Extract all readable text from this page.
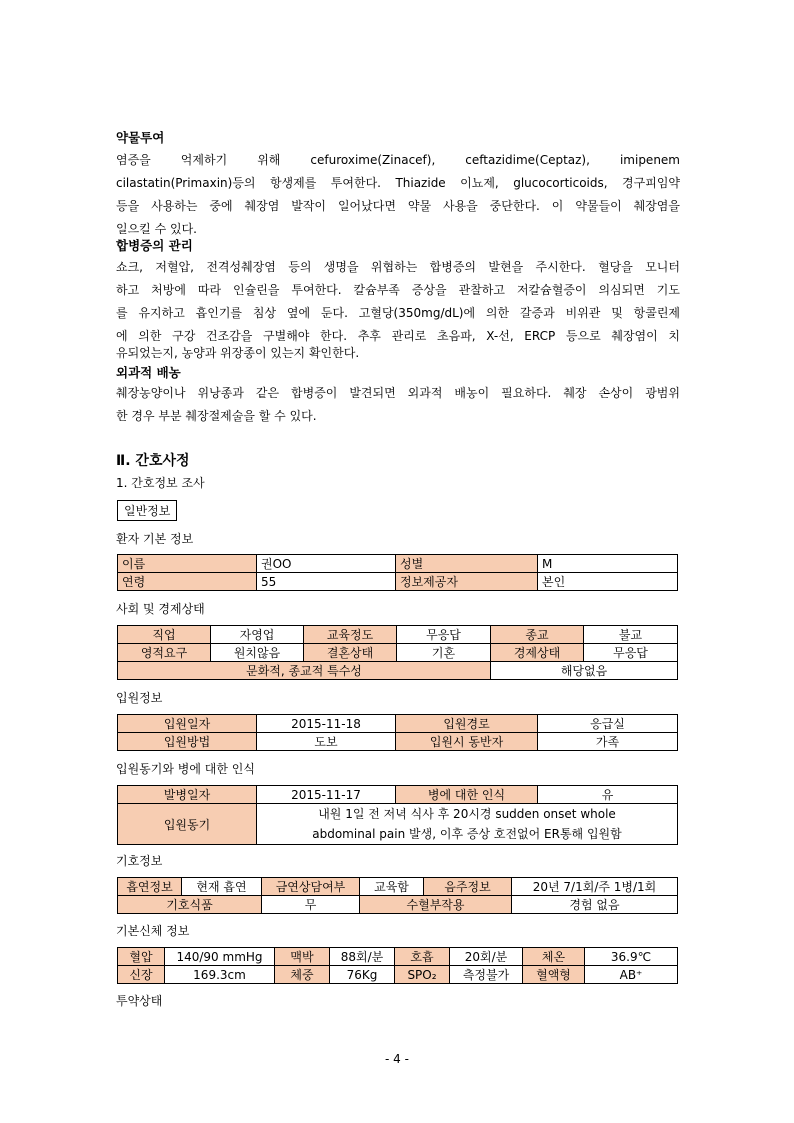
약물투여
염증을 억제하기 위해 cefuroxime(Zinacef), ceftazidime(Ceptaz), imipenem
cilastatin(Primaxin)등의 항생제를 투여한다. Thiazide 이뇨제, glucocorticoids, 경구피임약
등을 사용하는 중에 췌장염 발작이 일어났다면 약물 사용을 중단한다. 이 약물들이 췌장염을
일으킬 수 있다.
합병증의 관리
쇼크, 저혈압, 전격성췌장염 등의 생명을 위협하는 합병증의 발현을 주시한다. 혈당을 모니터
하고 처방에 따라 인슐린을 투여한다. 칼슘부족 증상을 관찰하고 저칼슘혈증이 의심되면 기도
를 유지하고 흡인기를 침상 옆에 둔다. 고혈당(350mg/dL)에 의한 갈증과 비위관 및 항콜린제
에 의한 구강 건조감을 구별해야 한다. 추후 관리로 초음파, X-선, ERCP 등으로 췌장염이 치
유되었는지, 농양과 위장종이 있는지 확인한다.
외과적 배농
췌장농양이나 위낭종과 같은 합병증이 발견되면 외과적 배농이 필요하다. 췌장 손상이 광범위
한 경우 부분 췌장절제술을 할 수 있다.
Ⅱ. 간호사정
1. 간호정보 조사
일반정보
환자 기본 정보
이름	권OO	성별	M
연령	55	정보제공자	본인
사회 및 경제상태
직업	자영업	교육정도	무응답	종교	불교
영적요구	원치않음	결혼상태	기혼	경제상태	무응답
문화적, 종교적 특수성				해당없음	
입원정보
입원일자	2015-11-18	입원경로	응급실
입원방법	도보	입원시 동반자	가족
입원동기와 병에 대한 인식
발병일자	2015-11-17	병에 대한 인식	유
입원동기	내원 1일 전 저녁 식사 후 20시경 sudden onset whole
abdominal pain 발생, 이후 증상 호전없어 ER통해 입원함		
기호정보
흡연정보	현재 흡연	금연상담여부	교육함	음주정보	20년 7/1회/주 1병/1회
기호식품		무	수혈부작용		경험 없음
기본신체 정보
혈압	140/90 mmHg	맥박	88회/분	호흡	20회/분	체온	36.9℃
신장	169.3cm	체중	76Kg	SPO₂	측정불가	혈액형	AB⁺
투약상태
- 4 -
